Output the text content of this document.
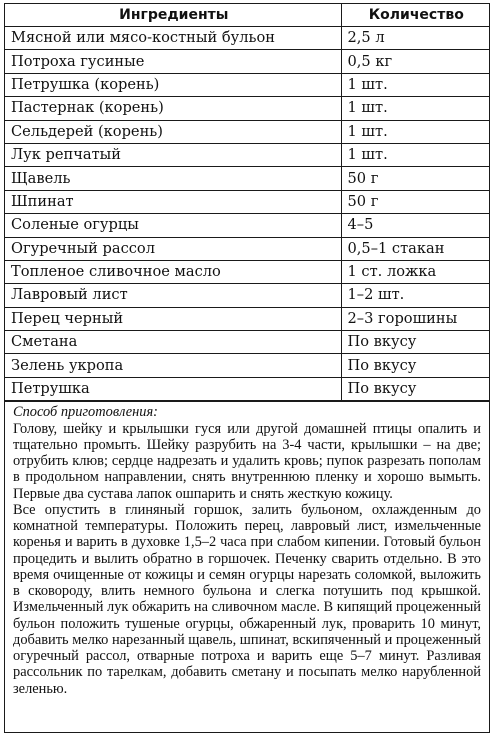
Ингредиенты	Количество
Мясной или мясо-костный бульон	2,5 л
Потроха гусиные	0,5 кг
Петрушка (корень)	1 шт.
Пастернак (корень)	1 шт.
Сельдерей (корень)	1 шт.
Лук репчатый	1 шт.
Щавель	50 г
Шпинат	50 г
Соленые огурцы	4–5
Огуречный рассол	0,5–1 стакан
Топленое сливочное масло	1 ст. ложка
Лавровый лист	1–2 шт.
Перец черный	2–3 горошины
Сметана	По вкусу
Зелень укропа	По вкусу
Петрушка	По вкусу
Способ приготовления:

Голову, шейку и крылышки гуся или другой домашней птицы опалить и тщательно промыть. Шейку разрубить на 3-4 части, крылышки – на две; отрубить клюв; сердце надрезать и удалить кровь; пупок разрезать пополам в продольном направлении, снять внутреннюю пленку и хорошо вымыть. Первые два сустава лапок ошпарить и снять жесткую кожицу.

Все опустить в глиняный горшок, залить бульоном, охлажденным до комнатной температуры. Положить перец, лавровый лист, измельченные коренья и варить в духовке 1,5–2 часа при слабом кипении. Готовый бульон процедить и вылить обратно в горшочек. Печенку сварить отдельно. В это время очищенные от кожицы и семян огурцы нарезать соломкой, выложить в сковороду, влить немного бульона и слегка потушить под крышкой. Измельченный лук обжарить на сливочном масле. В кипящий процеженный бульон положить тушеные огурцы, обжаренный лук, проварить 10 минут, добавить мелко нарезанный щавель, шпинат, вскипяченный и процеженный огуречный рассол, отварные потроха и варить еще 5–7 минут. Разливая рассольник по тарелкам, добавить сметану и посыпать мелко нарубленной зеленью.
